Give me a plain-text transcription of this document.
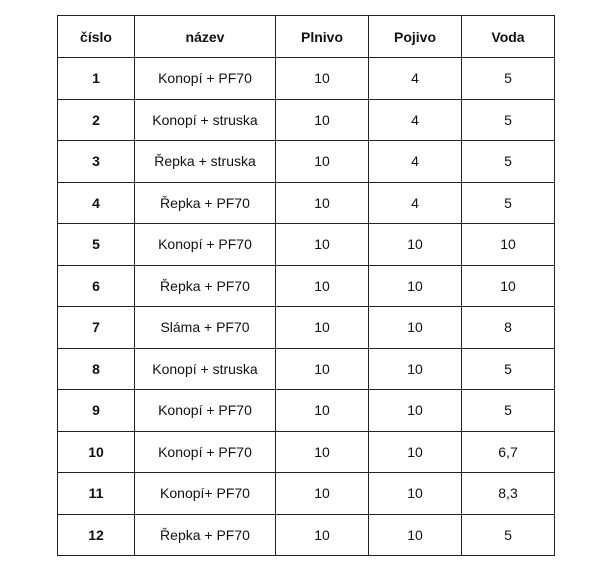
číslo	název	Plnivo	Pojivo	Voda
1	Konopí + PF70	10	4	5
2	Konopí + struska	10	4	5
3	Řepka + struska	10	4	5
4	Řepka + PF70	10	4	5
5	Konopí + PF70	10	10	10
6	Řepka + PF70	10	10	10
7	Sláma + PF70	10	10	8
8	Konopí + struska	10	10	5
9	Konopí + PF70	10	10	5
10	Konopí + PF70	10	10	6,7
11	Konopí+ PF70	10	10	8,3
12	Řepka + PF70	10	10	5
